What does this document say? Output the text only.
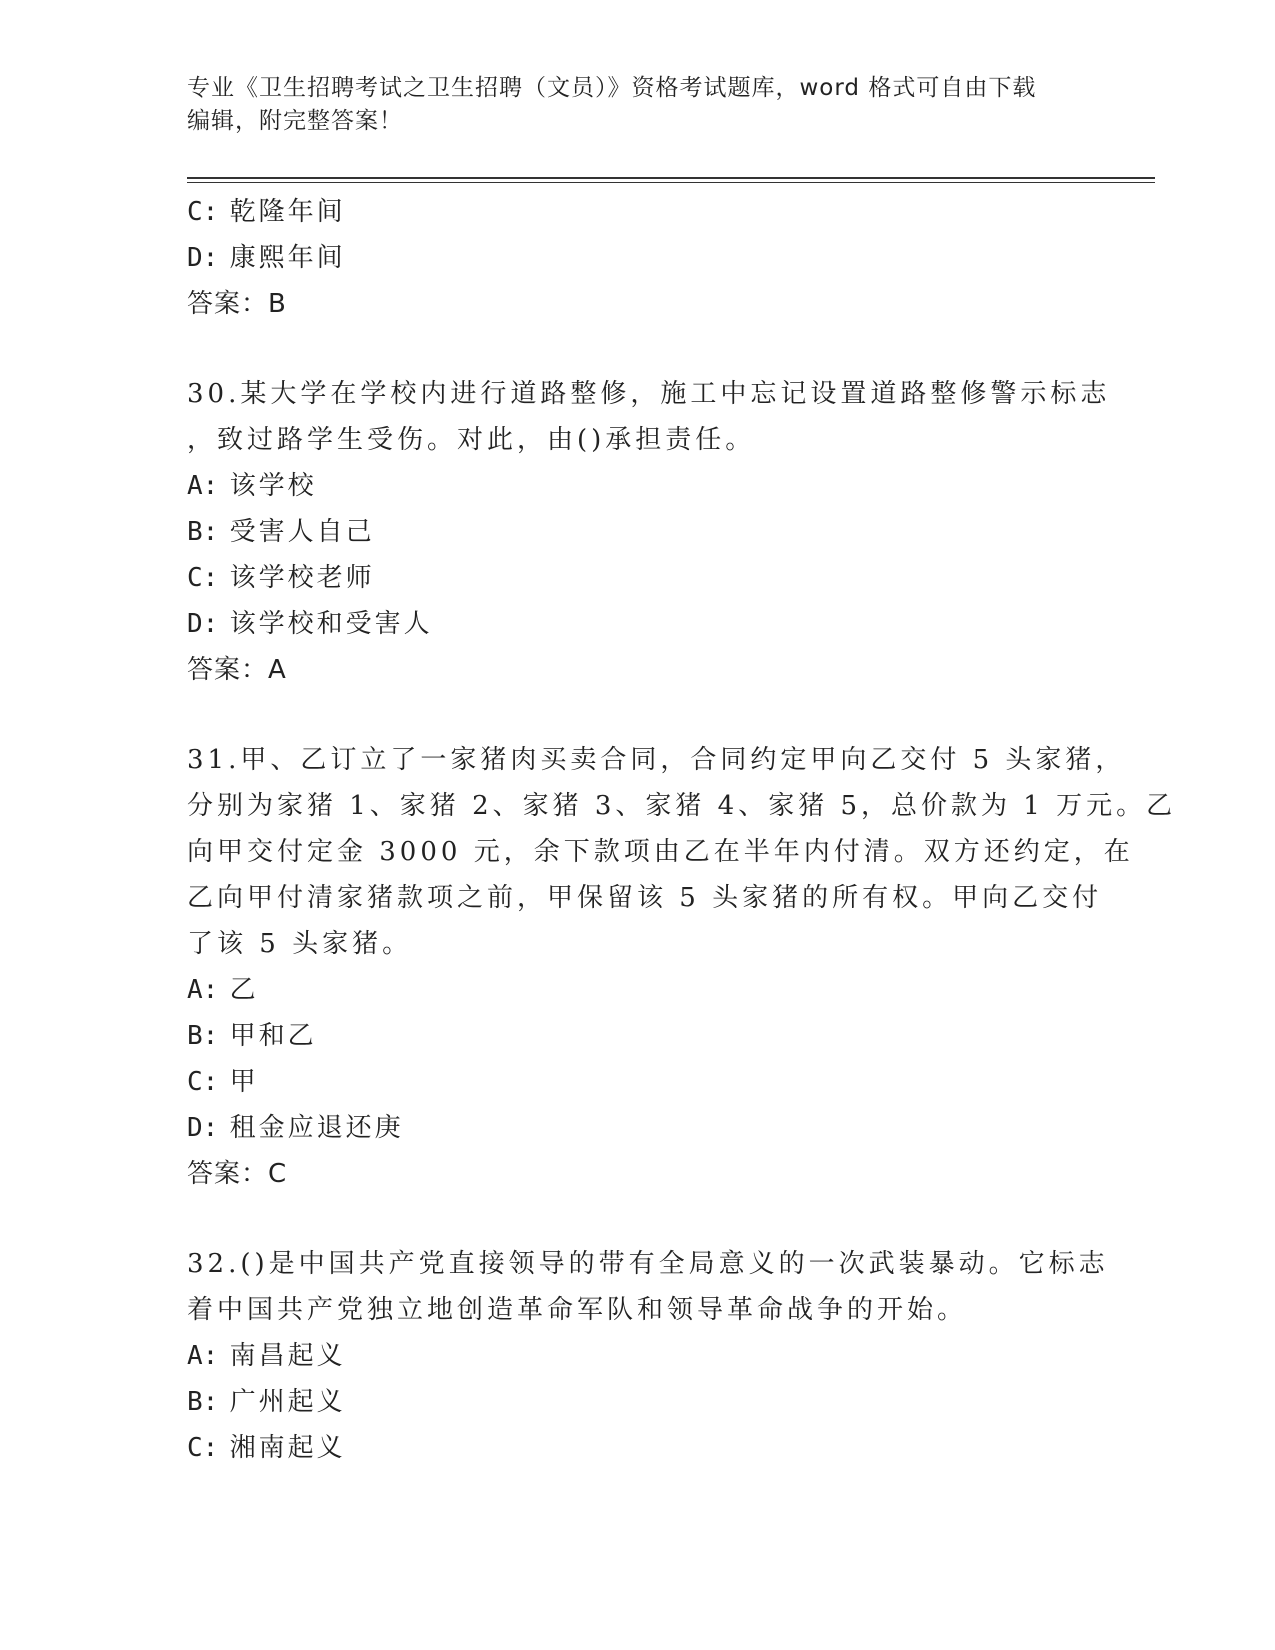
专业《卫生招聘考试之卫生招聘（文员）》资格考试题库，word 格式可自由下载
编辑，附完整答案！
C: 乾隆年间
D: 康熙年间
答案：B
30.某大学在学校内进行道路整修，施工中忘记设置道路整修警示标志
，致过路学生受伤。对此，由()承担责任。
A: 该学校
B: 受害人自己
C: 该学校老师
D: 该学校和受害人
答案：A
31.甲、乙订立了一家猪肉买卖合同，合同约定甲向乙交付 5 头家猪，
分别为家猪 1、家猪 2、家猪 3、家猪 4、家猪 5，总价款为 1 万元。乙
向甲交付定金 3000 元，余下款项由乙在半年内付清。双方还约定，在
乙向甲付清家猪款项之前，甲保留该 5 头家猪的所有权。甲向乙交付
了该 5 头家猪。
A: 乙
B: 甲和乙
C: 甲
D: 租金应退还庚
答案：C
32.()是中国共产党直接领导的带有全局意义的一次武装暴动。它标志
着中国共产党独立地创造革命军队和领导革命战争的开始。
A: 南昌起义
B: 广州起义
C: 湘南起义
